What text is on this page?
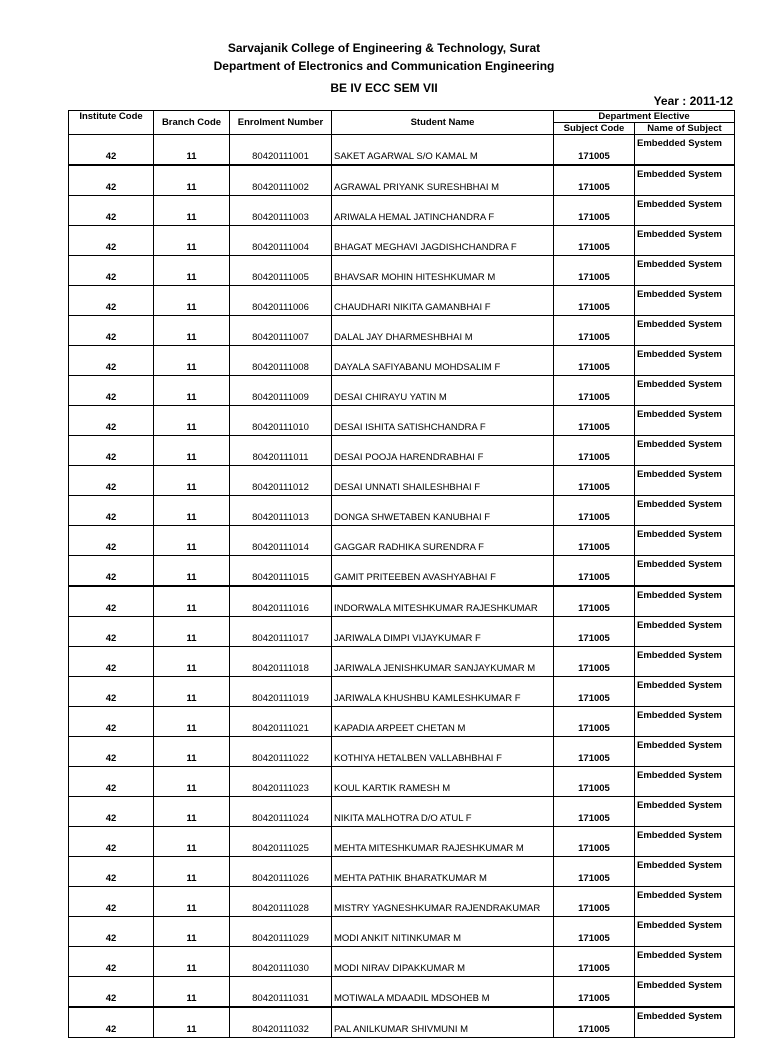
Sarvajanik College of Engineering & Technology, Surat
Department of Electronics and Communication Engineering
BE IV ECC SEM VII
Year : 2011-12
Institute Code	Branch Code	Enrolment Number	Student Name	Department Elective	
				Subject Code	Name of Subject
42	11	80420111001	SAKET AGARWAL S/O KAMAL M	171005	Embedded System
42	11	80420111002	AGRAWAL PRIYANK SURESHBHAI M	171005	Embedded System
42	11	80420111003	ARIWALA HEMAL JATINCHANDRA F	171005	Embedded System
42	11	80420111004	BHAGAT MEGHAVI JAGDISHCHANDRA F	171005	Embedded System
42	11	80420111005	BHAVSAR MOHIN HITESHKUMAR M	171005	Embedded System
42	11	80420111006	CHAUDHARI NIKITA GAMANBHAI F	171005	Embedded System
42	11	80420111007	DALAL JAY DHARMESHBHAI M	171005	Embedded System
42	11	80420111008	DAYALA SAFIYABANU MOHDSALIM F	171005	Embedded System
42	11	80420111009	DESAI CHIRAYU YATIN M	171005	Embedded System
42	11	80420111010	DESAI ISHITA SATISHCHANDRA F	171005	Embedded System
42	11	80420111011	DESAI POOJA HARENDRABHAI F	171005	Embedded System
42	11	80420111012	DESAI UNNATI SHAILESHBHAI F	171005	Embedded System
42	11	80420111013	DONGA SHWETABEN KANUBHAI F	171005	Embedded System
42	11	80420111014	GAGGAR RADHIKA SURENDRA F	171005	Embedded System
42	11	80420111015	GAMIT PRITEEBEN AVASHYABHAI F	171005	Embedded System
42	11	80420111016	INDORWALA MITESHKUMAR RAJESHKUMAR	171005	Embedded System
42	11	80420111017	JARIWALA DIMPI VIJAYKUMAR F	171005	Embedded System
42	11	80420111018	JARIWALA JENISHKUMAR SANJAYKUMAR M	171005	Embedded System
42	11	80420111019	JARIWALA KHUSHBU KAMLESHKUMAR F	171005	Embedded System
42	11	80420111021	KAPADIA ARPEET CHETAN M	171005	Embedded System
42	11	80420111022	KOTHIYA HETALBEN VALLABHBHAI F	171005	Embedded System
42	11	80420111023	KOUL KARTIK RAMESH M	171005	Embedded System
42	11	80420111024	NIKITA MALHOTRA D/O ATUL F	171005	Embedded System
42	11	80420111025	MEHTA MITESHKUMAR RAJESHKUMAR M	171005	Embedded System
42	11	80420111026	MEHTA PATHIK BHARATKUMAR M	171005	Embedded System
42	11	80420111028	MISTRY YAGNESHKUMAR RAJENDRAKUMAR	171005	Embedded System
42	11	80420111029	MODI ANKIT NITINKUMAR M	171005	Embedded System
42	11	80420111030	MODI NIRAV DIPAKKUMAR M	171005	Embedded System
42	11	80420111031	MOTIWALA MDAADIL MDSOHEB M	171005	Embedded System
42	11	80420111032	PAL ANILKUMAR SHIVMUNI M	171005	Embedded System
